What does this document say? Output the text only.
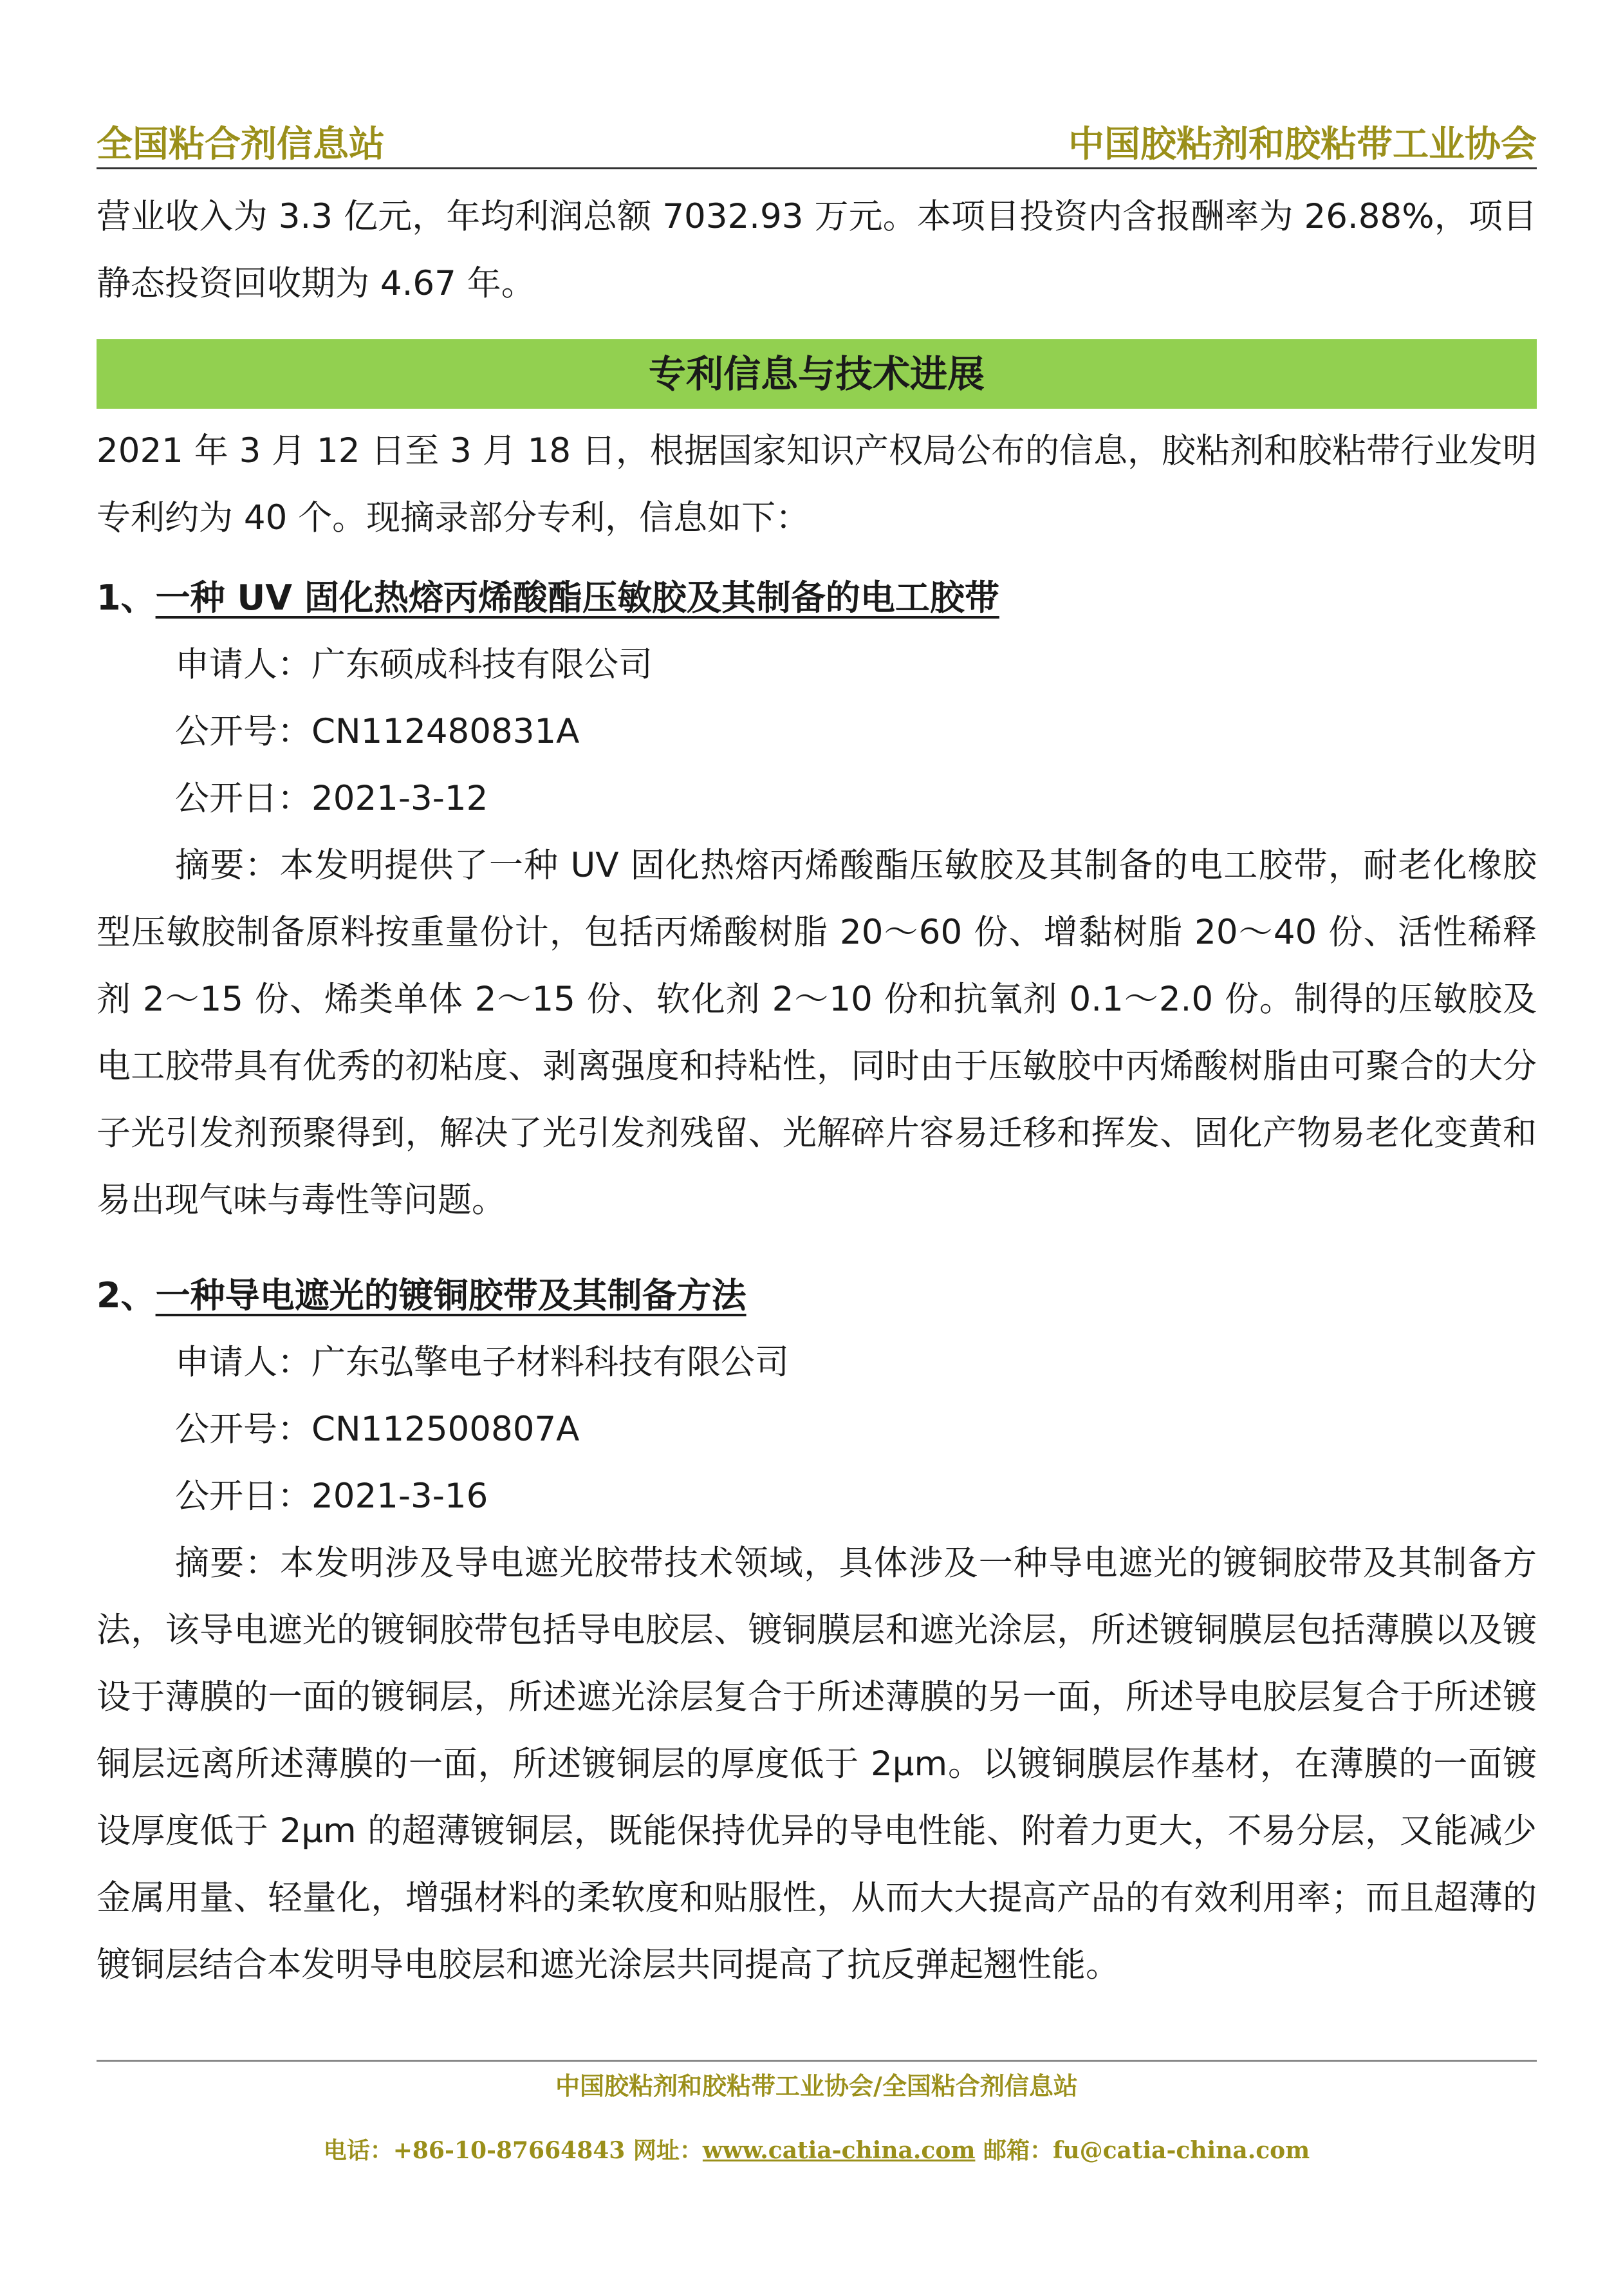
全国粘合剂信息站	中国胶粘剂和胶粘带工业协会

营业收入为 3.3 亿元，年均利润总额 7032.93 万元。本项目投资内含报酬率为 26.88%，项目静态投资回收期为 4.67 年。

专利信息与技术进展

2021 年 3 月 12 日至 3 月 18 日，根据国家知识产权局公布的信息，胶粘剂和胶粘带行业发明专利约为 40 个。现摘录部分专利，信息如下：

1、一种 UV 固化热熔丙烯酸酯压敏胶及其制备的电工胶带

申请人：广东硕成科技有限公司

公开号：CN112480831A

公开日：2021-3-12

摘要：本发明提供了一种 UV 固化热熔丙烯酸酯压敏胶及其制备的电工胶带，耐老化橡胶型压敏胶制备原料按重量份计，包括丙烯酸树脂 20～60 份、增黏树脂 20～40 份、活性稀释剂 2～15 份、烯类单体 2～15 份、软化剂 2～10 份和抗氧剂 0.1～2.0 份。制得的压敏胶及电工胶带具有优秀的初粘度、剥离强度和持粘性，同时由于压敏胶中丙烯酸树脂由可聚合的大分子光引发剂预聚得到，解决了光引发剂残留、光解碎片容易迁移和挥发、固化产物易老化变黄和易出现气味与毒性等问题。

2、一种导电遮光的镀铜胶带及其制备方法

申请人：广东弘擎电子材料科技有限公司

公开号：CN112500807A

公开日：2021-3-16

摘要：本发明涉及导电遮光胶带技术领域，具体涉及一种导电遮光的镀铜胶带及其制备方法，该导电遮光的镀铜胶带包括导电胶层、镀铜膜层和遮光涂层，所述镀铜膜层包括薄膜以及镀设于薄膜的一面的镀铜层，所述遮光涂层复合于所述薄膜的另一面，所述导电胶层复合于所述镀铜层远离所述薄膜的一面，所述镀铜层的厚度低于 2μm。以镀铜膜层作基材，在薄膜的一面镀设厚度低于 2μm 的超薄镀铜层，既能保持优异的导电性能、附着力更大，不易分层，又能减少金属用量、轻量化，增强材料的柔软度和贴服性，从而大大提高产品的有效利用率；而且超薄的镀铜层结合本发明导电胶层和遮光涂层共同提高了抗反弹起翘性能。

中国胶粘剂和胶粘带工业协会/全国粘合剂信息站
电话：+86-10-87664843 网址：www.catia-china.com 邮箱：fu@catia-china.com
